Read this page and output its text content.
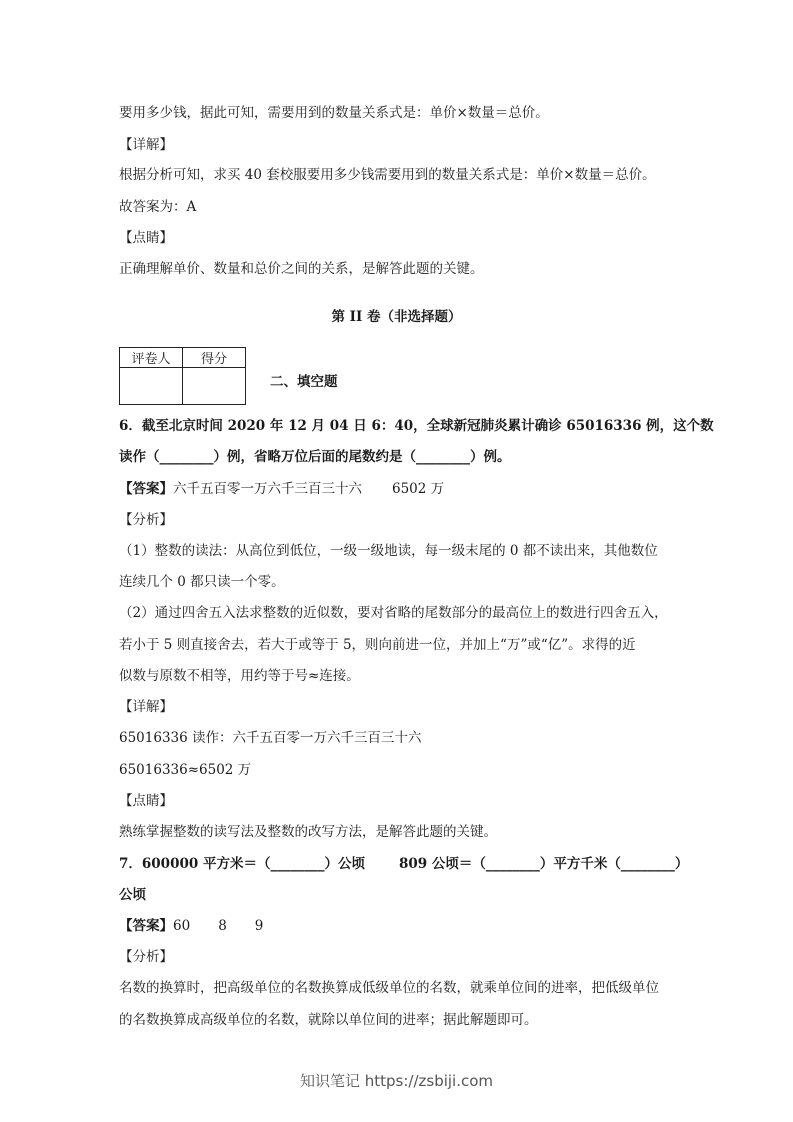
要用多少钱，据此可知，需要用到的数量关系式是：单价×数量＝总价。
【详解】
根据分析可知，求买 40 套校服要用多少钱需要用到的数量关系式是：单价×数量＝总价。
故答案为：A
【点睛】
正确理解单价、数量和总价之间的关系，是解答此题的关键。
第 II 卷（非选择题）
评卷人	得分

二、填空题
6．截至北京时间 2020 年 12 月 04 日 6：40，全球新冠肺炎累计确诊 65016336 例，这个数
读作（________）例，省略万位后面的尾数约是（________）例。
【答案】六千五百零一万六千三百三十六 6502 万
【分析】
（1）整数的读法：从高位到低位，一级一级地读，每一级末尾的 0 都不读出来，其他数位
连续几个 0 都只读一个零。
（2）通过四舍五入法求整数的近似数，要对省略的尾数部分的最高位上的数进行四舍五入，
若小于 5 则直接舍去，若大于或等于 5，则向前进一位，并加上“万”或“亿”。求得的近
似数与原数不相等，用约等于号≈连接。
【详解】
65016336 读作：六千五百零一万六千三百三十六
65016336≈6502 万
【点睛】
熟练掌握整数的读写法及整数的改写方法，是解答此题的关键。
7．600000 平方米＝（________）公顷	809 公顷＝（________）平方千米（________）
公顷
【答案】60 8 9
【分析】
名数的换算时，把高级单位的名数换算成低级单位的名数，就乘单位间的进率，把低级单位
的名数换算成高级单位的名数，就除以单位间的进率；据此解题即可。
知识笔记 https://zsbiji.com
